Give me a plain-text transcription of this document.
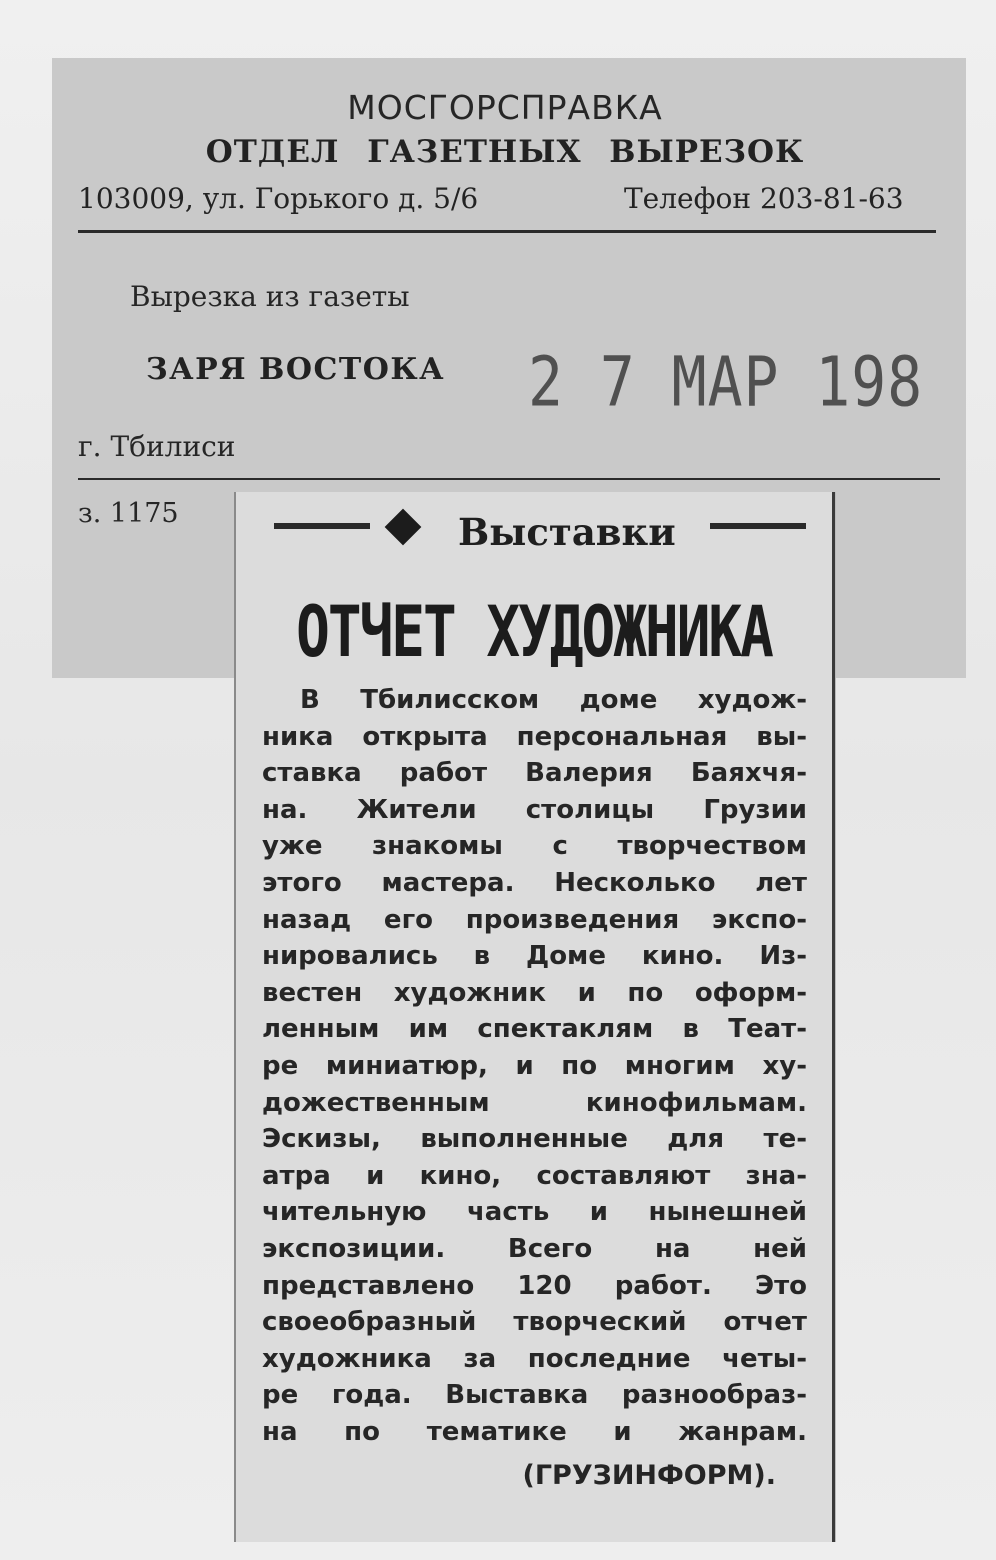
МОСГОРСПРАВКА
ОТДЕЛ ГАЗЕТНЫХ ВЫРЕЗОК
103009, ул. Горького д. 5/6	Телефон 203-81-63
Вырезка из газеты
ЗАРЯ ВОСТОКА 2 7 МАР 198
г. Тбилиси
з. 1175	Выставки
ОТЧЕТ ХУДОЖНИКА
В Тбилисском доме худож-
ника открыта персональная вы-
ставка работ Валерия Баяхчя-
на. Жители столицы Грузии
уже знакомы с творчеством
этого мастера. Несколько лет
назад его произведения экспо-
нировались в Доме кино. Из-
вестен художник и по оформ-
ленным им спектаклям в Теат-
ре миниатюр, и по многим ху-
дожественным кинофильмам.
Эскизы, выполненные для те-
атра и кино, составляют зна-
чительную часть и нынешней
экспозиции. Всего на ней
представлено 120 работ. Это
своеобразный творческий отчет
художника за последние четы-
ре года. Выставка разнообраз-
на по тематике и жанрам.
(ГРУЗИНФОРМ).
